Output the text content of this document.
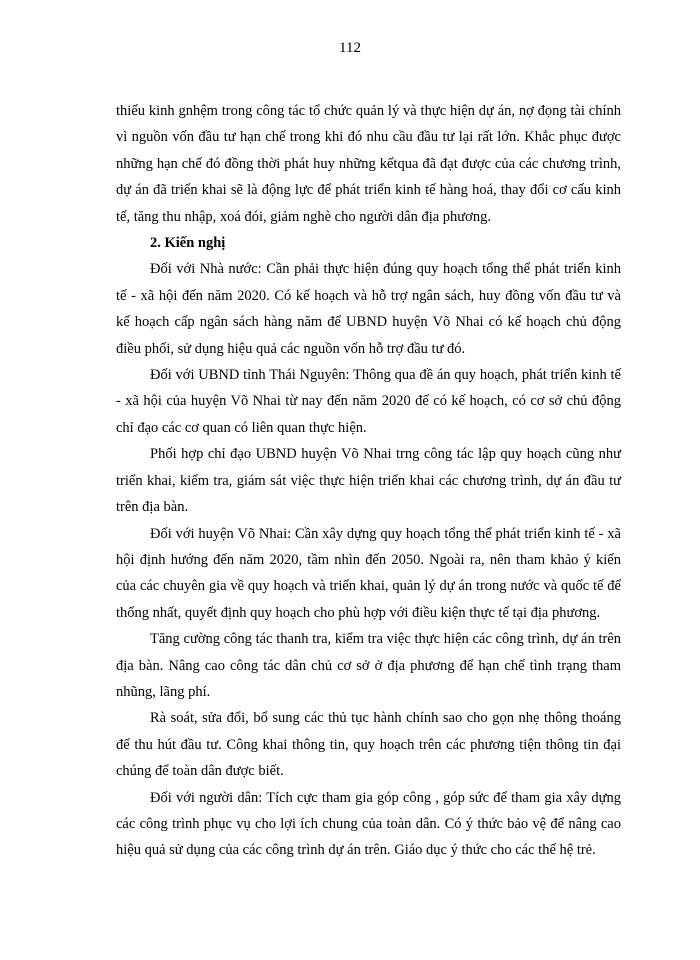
112
thiếu kinh gnhệm trong công tác tổ chức quản lý và thực hiện dự án, nợ đọng tài chính
vì nguồn vốn đầu tư hạn chế trong khi đó nhu cầu đầu tư lại rất lớn. Khắc phục được
những hạn chế đó đồng thời phát huy những kếtqua đã đạt được của các chương trình,
dự án đã triển khai sẽ là động lực để phát triển kinh tế hàng hoá, thay đổi cơ cấu kinh
tế, tăng thu nhập, xoá đói, giảm nghè cho người dân địa phương.
2. Kiến nghị
Đối với Nhà nước: Cần phải thực hiện đúng quy hoạch tổng thể phát triển kinh
tế - xã hội đến năm 2020. Có kế hoạch và hỗ trợ ngân sách, huy đồng vốn đầu tư và
kế hoạch cấp ngân sách hàng năm để UBND huyện Võ Nhai có kế hoạch chủ động
điều phối, sử dụng hiệu quả các nguồn vốn hỗ trợ đầu tư đó.
Đối với UBND tỉnh Thái Nguyên: Thông qua đề án quy hoạch, phát triển kinh tế
- xã hội của huyện Võ Nhai từ nay đến năm 2020 để có kế hoạch, có cơ sở chủ động
chỉ đạo các cơ quan có liên quan thực hiện.
Phối hợp chỉ đạo UBND huyện Võ Nhai trng công tác lập quy hoạch cũng như
triển khai, kiểm tra, giám sát việc thực hiện triển khai các chương trình, dự án đầu tư
trên địa bàn.
Đối với huyện Võ Nhai: Cần xây dựng quy hoạch tổng thể phát triển kinh tế - xã
hội định hướng đến năm 2020, tầm nhìn đến 2050. Ngoài ra, nên tham khảo ý kiến
của các chuyên gia về quy hoạch và triển khai, quản lý dự án trong nước và quốc tế để
thống nhất, quyết định quy hoạch cho phù hợp với điều kiện thực tế tại địa phương.
Tăng cường công tác thanh tra, kiểm tra việc thực hiện các công trình, dự án trên
địa bàn. Nâng cao công tác dân chủ cơ sở ở địa phương để hạn chế tình trạng tham
nhũng, lãng phí.
Rà soát, sửa đổi, bổ sung các thủ tục hành chính sao cho gọn nhẹ thông thoáng
để thu hút đầu tư. Công khai thông tin, quy hoạch trên các phương tiện thông tin đại
chúng để toàn dân được biết.
Đối với người dân: Tích cực tham gia góp công , góp sức để tham gia xây dựng
các công trình phục vụ cho lợi ích chung của toàn dân. Có ý thức bảo vệ để nâng cao
hiệu quả sử dụng của các công trình dự án trên. Giáo dục ý thức cho các thế hệ trẻ.
